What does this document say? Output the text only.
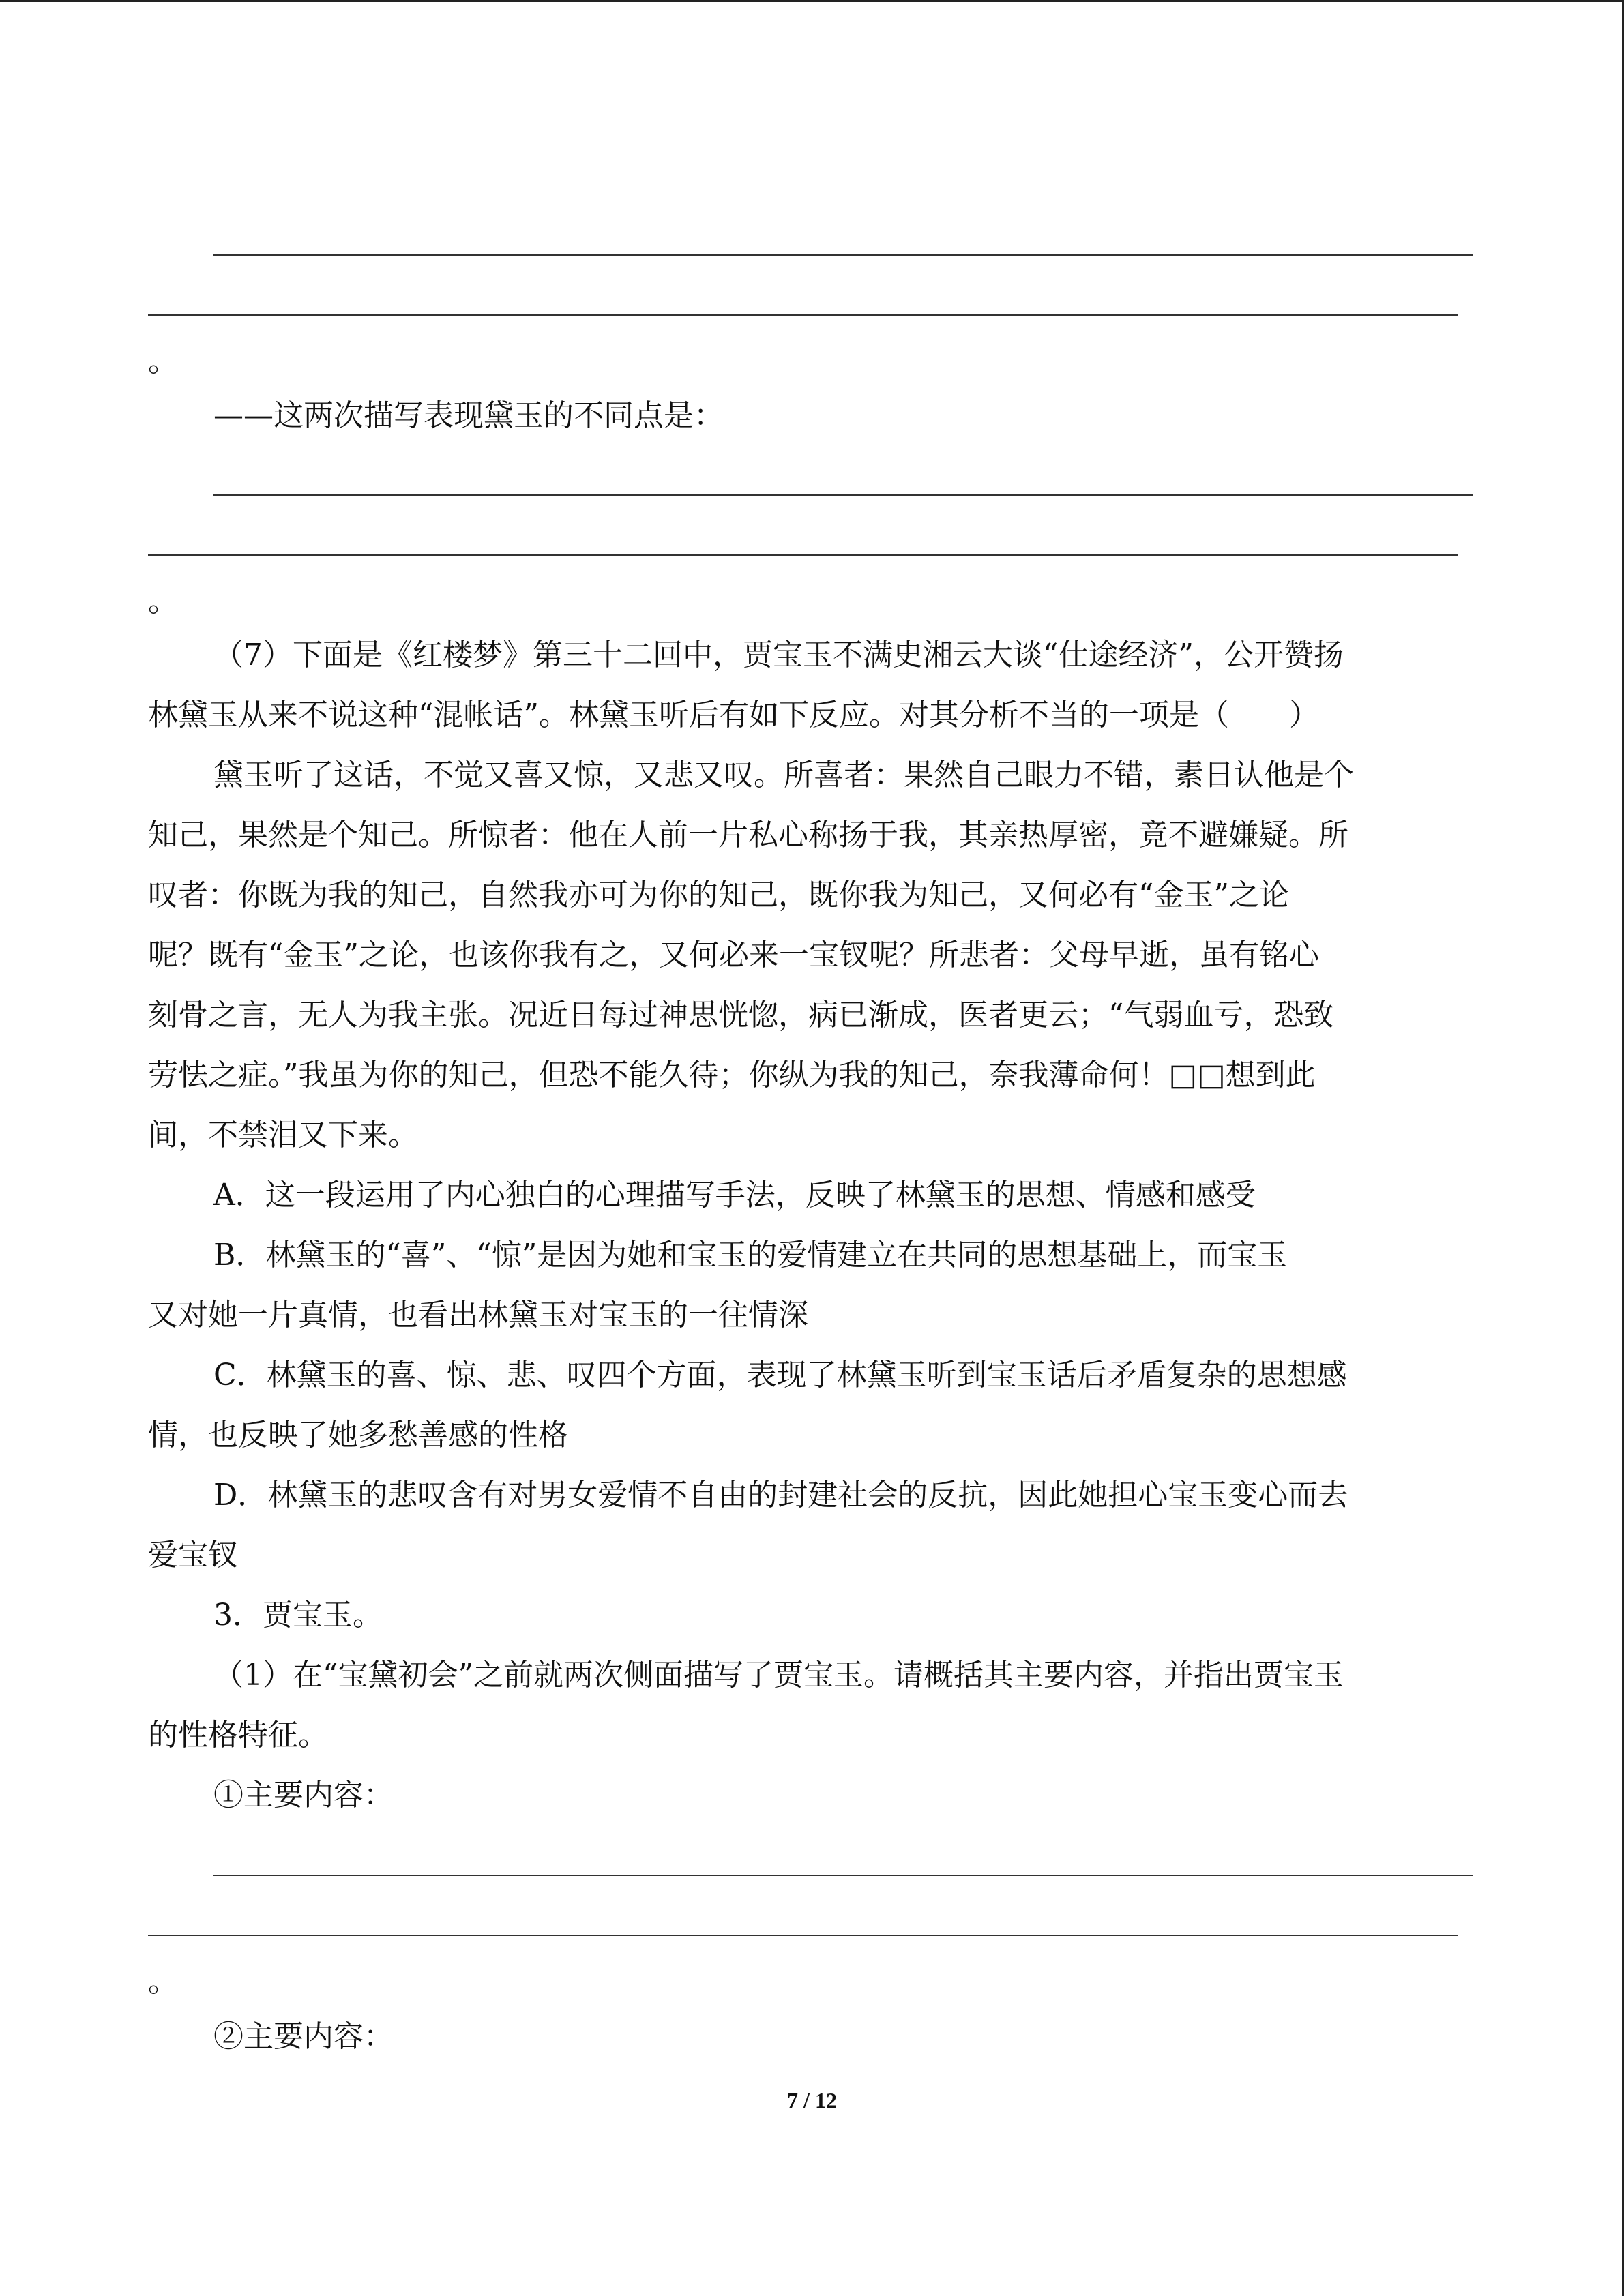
。
——这两次描写表现黛玉的不同点是：
。
（7）下面是《红楼梦》第三十二回中，贾宝玉不满史湘云大谈“仕途经济”，公开赞扬
林黛玉从来不说这种“混帐话”。林黛玉听后有如下反应。对其分析不当的一项是（　　）
黛玉听了这话，不觉又喜又惊，又悲又叹。所喜者：果然自己眼力不错，素日认他是个
知己，果然是个知己。所惊者：他在人前一片私心称扬于我，其亲热厚密，竟不避嫌疑。所
叹者：你既为我的知己，自然我亦可为你的知己，既你我为知己，又何必有“金玉”之论
呢？既有“金玉”之论，也该你我有之，又何必来一宝钗呢？所悲者：父母早逝，虽有铭心
刻骨之言，无人为我主张。况近日每过神思恍惚，病已渐成，医者更云；“气弱血亏，恐致
劳怯之症。”我虽为你的知己，但恐不能久待；你纵为我的知己，奈我薄命何！□□想到此
间，不禁泪又下来。
A．这一段运用了内心独白的心理描写手法，反映了林黛玉的思想、情感和感受
B．林黛玉的“喜”、“惊”是因为她和宝玉的爱情建立在共同的思想基础上，而宝玉
又对她一片真情，也看出林黛玉对宝玉的一往情深
C．林黛玉的喜、惊、悲、叹四个方面，表现了林黛玉听到宝玉话后矛盾复杂的思想感
情，也反映了她多愁善感的性格
D．林黛玉的悲叹含有对男女爱情不自由的封建社会的反抗，因此她担心宝玉变心而去
爱宝钗
3．贾宝玉。
（1）在“宝黛初会”之前就两次侧面描写了贾宝玉。请概括其主要内容，并指出贾宝玉
的性格特征。
①主要内容：
。
②主要内容：
7 / 12
